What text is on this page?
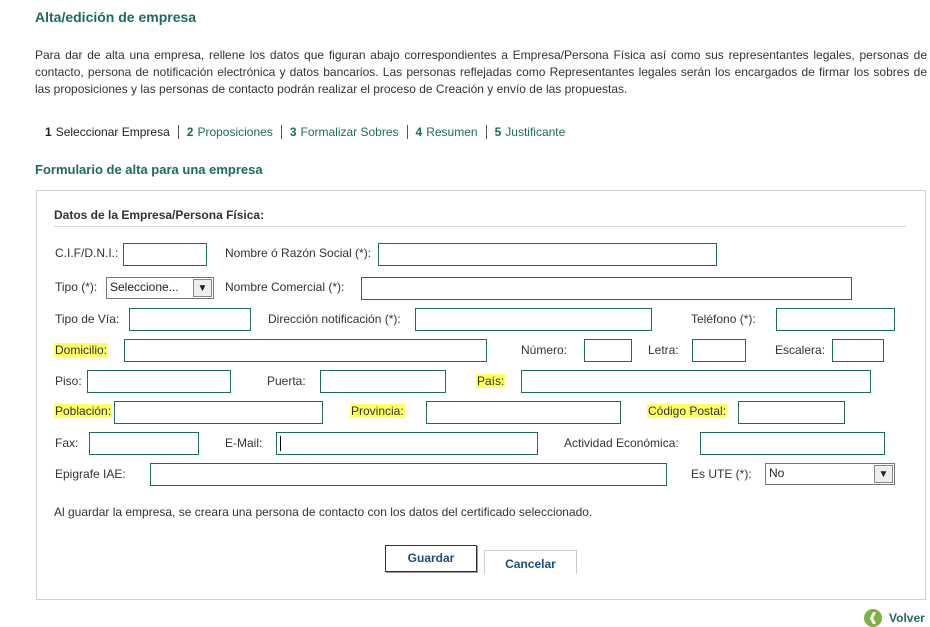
Alta/edición de empresa
Para dar de alta una empresa, rellene los datos que figuran abajo correspondientes a Empresa/Persona Física así como sus representantes legales, personas de contacto, persona de notificación electrónica y datos bancarios. Las personas reflejadas como Representantes legales serán los encargados de firmar los sobres de las proposiciones y las personas de contacto podrán realizar el proceso de Creación y envío de las propuestas.
1 Seleccionar Empresa	2 Proposiciones	3 Formalizar Sobres	4 Resumen	5 Justificante
Formulario de alta para una empresa
Datos de la Empresa/Persona Física:
C.I.F/D.N.I.:	Nombre ó Razón Social (*):
Tipo (*):	Seleccione...	▼	Nombre Comercial (*):
Tipo de Vía:	Dirección notificación (*):	Teléfono (*):
Domicilio:	Número:	Letra:	Escalera:
Piso:	Puerta:	País:
Población:	Provincia:	Código Postal:
Fax:	E-Mail:	Actividad Económica:
Epigrafe IAE:	Es UTE (*):	No	▼
Al guardar la empresa, se creara una persona de contacto con los datos del certificado seleccionado.
Guardar	Cancelar
❰ Volver
